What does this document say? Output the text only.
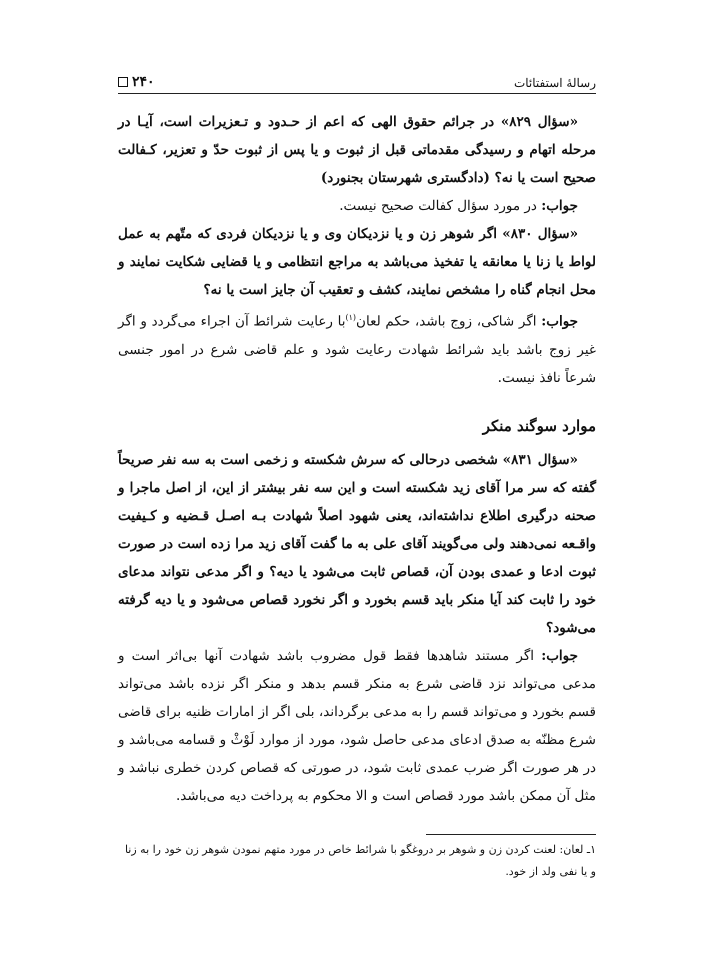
رسالهٔ استفتائات
۲۴۰

«سؤال ۸۲۹» در جرائم حقوق الهی که اعم از حـدود و تـعزیرات است، آیـا در مرحله اتهام و رسیدگی مقدماتی قبل از ثبوت و یا پس از ثبوت حدّ و تعزیر، کـفالت صحیح است یا نه؟ (دادگستری شهرستان بجنورد)

جواب: در مورد سؤال کفالت صحیح نیست.

«سؤال ۸۳۰» اگر شوهر زن و یا نزدیکان وی و یا نزدیکان فردی که متّهم به عمل لواط یا زنا یا معانقه یا تفخیذ می‌باشد به مراجع انتظامی و یا قضایی شکایت نمایند و محل انجام گناه را مشخص نمایند، کشف و تعقیب آن جایز است یا نه؟

جواب: اگر شاکی، زوج باشد، حکم لعان$^{(۱)}$با رعایت شرائط آن اجراء می‌گردد و اگر غیر زوج باشد باید شرائط شهادت رعایت شود و علم قاضی شرع در امور جنسی شرعاً نافذ نیست.

موارد سوگند منکر

«سؤال ۸۳۱» شخصی درحالی که سرش شکسته و زخمی است به سه نفر صریحاً گفته که سر مرا آقای زید شکسته است و این سه نفر بیشتر از این، از اصل ماجرا و صحنه درگیری اطلاع نداشته‌اند، یعنی شهود اصلاً شهادت بـه اصـل قـضیه و کـیفیت واقـعه نمی‌دهند ولی می‌گویند آقای علی به ما گفت آقای زید مرا زده است در صورت ثبوت ادعا و عمدی بودن آن، قصاص ثابت می‌شود یا دیه؟ و اگر مدعی نتواند مدعای خود را ثابت کند آیا منکر باید قسم بخورد و اگر نخورد قصاص می‌شود و یا دیه گرفته می‌شود؟

جواب: اگر مستند شاهدها فقط قول مضروب باشد شهادت آنها بی‌اثر است و مدعی می‌تواند نزد قاضی شرع به منکر قسم بدهد و منکر اگر نزده باشد می‌تواند قسم بخورد و می‌تواند قسم را به مدعی برگرداند، بلی اگر از امارات ظنیه برای قاضی شرع مظنّه به صدق ادعای مدعی حاصل شود، مورد از موارد لَوْثْ و قسامه می‌باشد و در هر صورت اگر ضرب عمدی ثابت شود، در صورتی که قصاص کردن خطری نباشد و مثل آن ممکن باشد مورد قصاص است و الا محکوم به پرداخت دیه می‌باشد.

۱ـ لعان: لعنت کردن زن و شوهر بر دروغگو با شرائط خاص در مورد متهم نمودن شوهر زن خود را به زنا و یا نفی ولد از خود.
